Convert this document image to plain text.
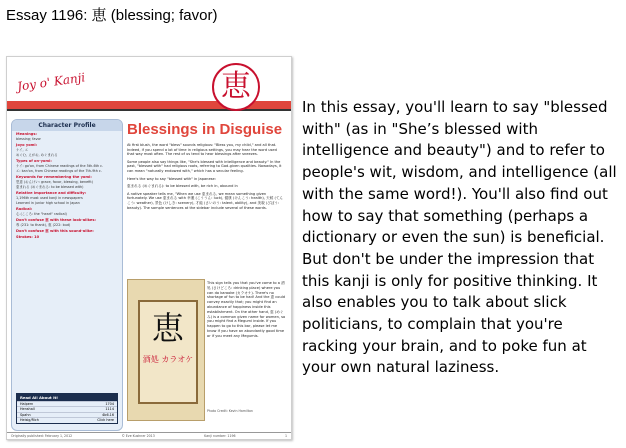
Essay 1196: 恵 (blessing; favor)
Joy o' Kanji	恵
Character Profile
Meanings:
blessing; favor
Joyo yomi:
ケイ, エ
めぐむ, えがお, めぐまれる
Types of on-yomi:
ケイ: go'on, from Chinese readings of the 5th-6th c.
エ: kan'on, from Chinese readings of the 7th-9th c.
Keywords for remembering the yomi:
恩恵 (おんけい: grace, favor, blessing, benefit)
恵まれる (めぐまれる: to be blessed with)
Relative importance and difficulty:
1,196th most used kanji in newspapers
Learned in junior high school in Japan
Radical:
心 (こころ: the "heart" radical)
Don't confuse 恵 with these look-alikes:
専 (231: to thank), 惠 (222: bud)
Don't confuse 恵 with this sound-alike:
Strokes: 10
Read All About It!
Halpern	1704
Henshall	1114
Spahn	4b6.16
Heisig/Rich	Click here
Blessings in Disguise

At first blush, the word "bless" sounds religious: "Bless you, my child," and all that. Indeed, if you spend a lot of time in religious settings, you may hear the word used that way most often. The rest of us tend to hear blessings after sneezes.

Some people also say things like, "She's blessed with intelligence and beauty." In the past, "blessed with" had religious roots, referring to God-given qualities. Nowadays, it can mean "naturally endowed with," which has a secular feeling.

Here's the way to say "blessed with" in Japanese:

恵まれる (めぐまれる): to be blessed with, be rich in, abound in

A native speaker tells me, "When we use 恵まれる, we mean something given fortunately. We use 恵まれる with 幸運 (こううん: luck), 健康 (けんこう: health), 天候 (てんこう: weather), 景色 (けしき: scenery), 才能 (さいのう: talent, ability), and 美貌 (びぼう: beauty). The sample sentences at the sidebar include several of these words.

恵
酒処 カラオケ
This sign tells you that you've come to a 酒処 (さけどころ: drinking place) where you can do karaoke (カラオケ). There's no shortage of fun to be had! And the 恵 could convey exactly that; you might find an abundance of happiness inside this establishment. On the other hand, 恵 (めぐみ) is a common given name for women, so you might find a Megumi inside. If you happen to go to this bar, please let me know if you have an abundantly good time or if you meet any Megumis.
Photo Credit: Kevin Hamilton
Originally published: February 1, 2012	© Eve Kushner 2013	Kanji number: 1196	1
In this essay, you'll learn to say "blessed with" (as in "She’s blessed with intelligence and beauty") and to refer to people's wit, wisdom, and intelligence (all with the same word!). You'll also find out how to say that something (perhaps a dictionary or even the sun) is beneficial. But don't be under the impression that this kanji is only for positive thinking. It also enables you to talk about slick politicians, to complain that you're racking your brain, and to poke fun at your own natural laziness.
